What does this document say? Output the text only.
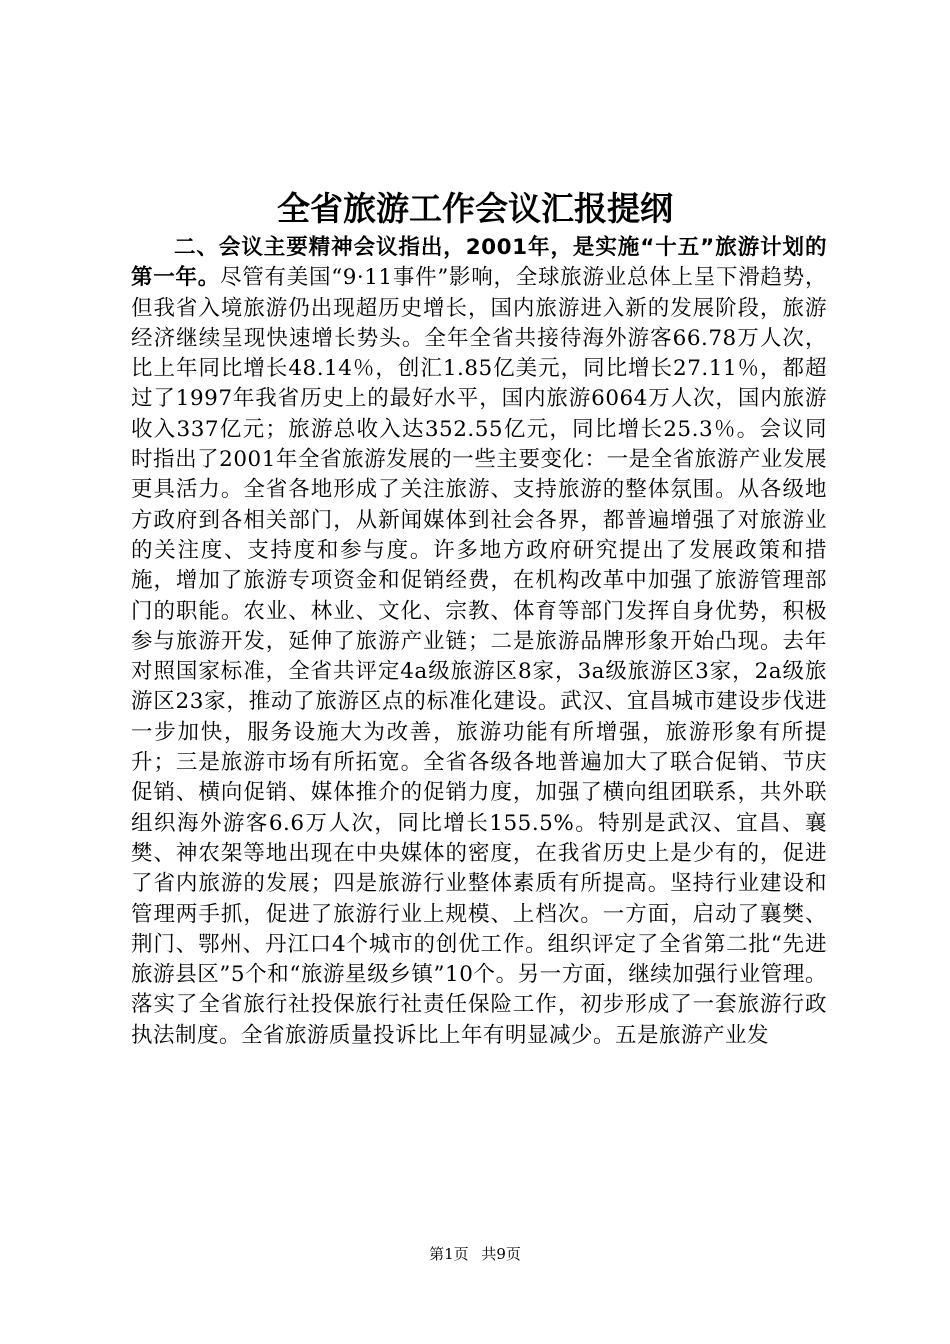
全省旅游工作会议汇报提纲

二、会议主要精神会议指出，2001年，是实施“十五”旅游计划的第一年。尽管有美国“9·11事件”影响，全球旅游业总体上呈下滑趋势，但我省入境旅游仍出现超历史增长，国内旅游进入新的发展阶段，旅游经济继续呈现快速增长势头。全年全省共接待海外游客66.78万人次，比上年同比增长48.14％，创汇1.85亿美元，同比增长27.11％，都超过了1997年我省历史上的最好水平，国内旅游6064万人次，国内旅游收入337亿元；旅游总收入达352.55亿元，同比增长25.3％。会议同时指出了2001年全省旅游发展的一些主要变化：一是全省旅游产业发展更具活力。全省各地形成了关注旅游、支持旅游的整体氛围。从各级地方政府到各相关部门，从新闻媒体到社会各界，都普遍增强了对旅游业的关注度、支持度和参与度。许多地方政府研究提出了发展政策和措施，增加了旅游专项资金和促销经费，在机构改革中加强了旅游管理部门的职能。农业、林业、文化、宗教、体育等部门发挥自身优势，积极参与旅游开发，延伸了旅游产业链；二是旅游品牌形象开始凸现。去年对照国家标准，全省共评定4a级旅游区8家，3a级旅游区3家，2a级旅游区23家，推动了旅游区点的标准化建设。武汉、宜昌城市建设步伐进一步加快，服务设施大为改善，旅游功能有所增强，旅游形象有所提升；三是旅游市场有所拓宽。全省各级各地普遍加大了联合促销、节庆促销、横向促销、媒体推介的促销力度，加强了横向组团联系，共外联组织海外游客6.6万人次，同比增长155.5%。特别是武汉、宜昌、襄樊、神农架等地出现在中央媒体的密度，在我省历史上是少有的，促进了省内旅游的发展；四是旅游行业整体素质有所提高。坚持行业建设和管理两手抓，促进了旅游行业上规模、上档次。一方面，启动了襄樊、荆门、鄂州、丹江口4个城市的创优工作。组织评定了全省第二批“先进旅游县区”5个和“旅游星级乡镇”10个。另一方面，继续加强行业管理。落实了全省旅行社投保旅行社责任保险工作，初步形成了一套旅游行政执法制度。全省旅游质量投诉比上年有明显减少。五是旅游产业发

第1页 共9页
